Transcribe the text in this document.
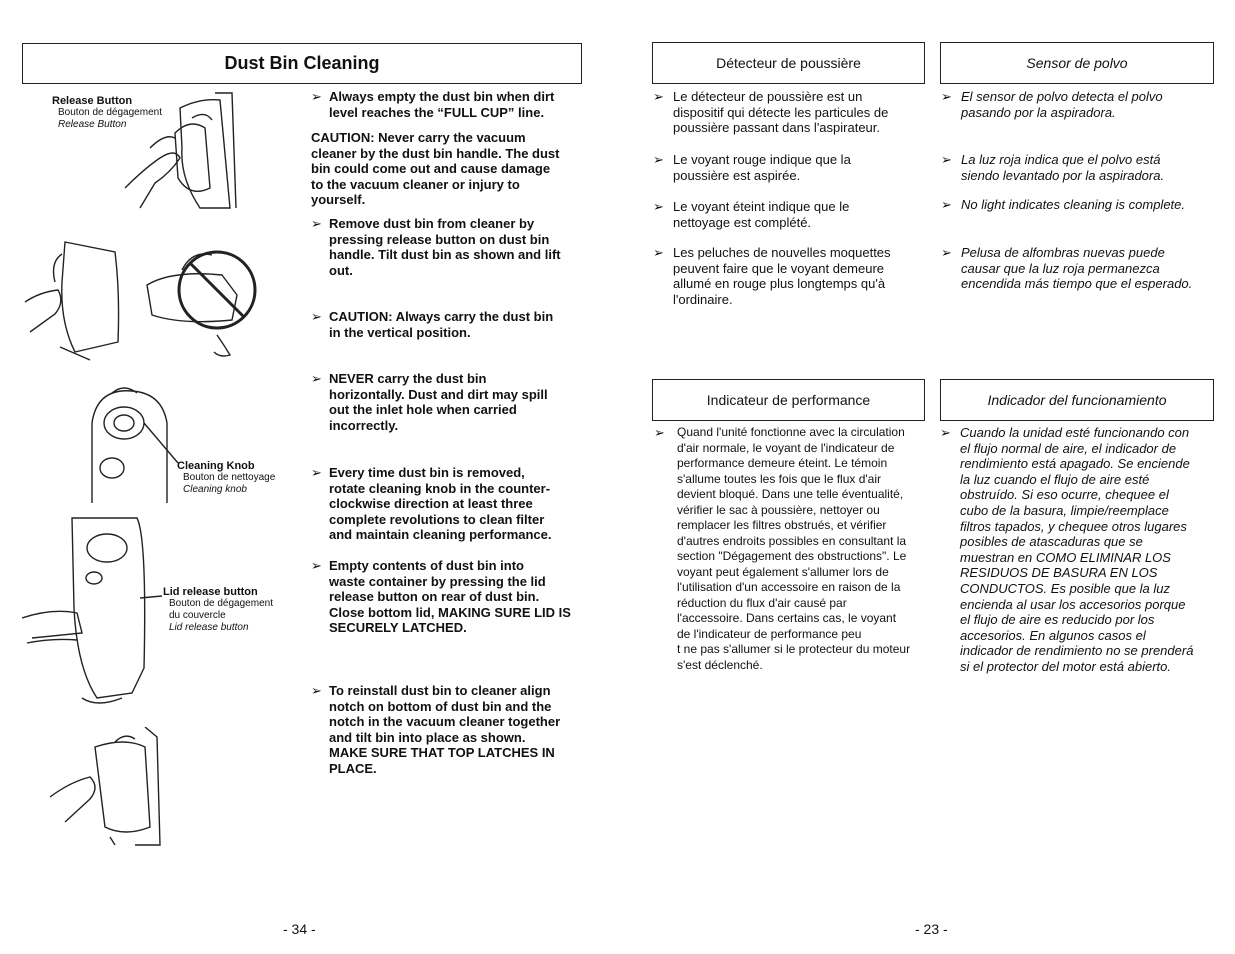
Dust Bin Cleaning
Release Button
Bouton de dégagement
Release Button
Cleaning Knob
Bouton de nettoyage
Cleaning knob
Lid release button
Bouton de dégagement
du couvercle
Lid release button
➢ Always empty the dust bin when dirt
level reaches the “FULL CUP” line.
CAUTION: Never carry the vacuum
cleaner by the dust bin handle. The dust
bin could come out and cause damage
to the vacuum cleaner or injury to
yourself.
➢ Remove dust bin from cleaner by
pressing release button on dust bin
handle. Tilt dust bin as shown and lift
out.
➢ CAUTION: Always carry the dust bin
in the vertical position.
➢ NEVER carry the dust bin
horizontally. Dust and dirt may spill
out the inlet hole when carried
incorrectly.
➢ Every time dust bin is removed,
rotate cleaning knob in the counter-
clockwise direction at least three
complete revolutions to clean filter
and maintain cleaning performance.
➢ Empty contents of dust bin into
waste container by pressing the lid
release button on rear of dust bin.
Close bottom lid, MAKING SURE LID IS
SECURELY LATCHED.
➢ To reinstall dust bin to cleaner align
notch on bottom of dust bin and the
notch in the vacuum cleaner together
and tilt bin into place as shown.
MAKE SURE THAT TOP LATCHES IN
PLACE.
- 34 -
Détecteur de poussière	Sensor de polvo
➢ Le détecteur de poussière est un
dispositif qui détecte les particules de
poussière passant dans l'aspirateur.
➢ Le voyant rouge indique que la
poussière est aspirée.
➢ Le voyant éteint indique que le
nettoyage est complété.
➢ Les peluches de nouvelles moquettes
peuvent faire que le voyant demeure
allumé en rouge plus longtemps qu'à
l'ordinaire.
➢ El sensor de polvo detecta el polvo
pasando por la aspiradora.
➢ La luz roja indica que el polvo está
siendo levantado por la aspiradora.
➢ No light indicates cleaning is complete.
➢ Pelusa de alfombras nuevas puede
causar que la luz roja permanezca
encendida más tiempo que el esperado.
Indicateur de performance	Indicador del funcionamiento
➢ Quand l'unité fonctionne avec la circulation
d'air normale, le voyant de l'indicateur de
performance demeure éteint. Le témoin
s'allume toutes les fois que le flux d'air
devient bloqué. Dans une telle éventualité,
vérifier le sac à poussière, nettoyer ou
remplacer les filtres obstrués, et vérifier
d'autres endroits possibles en consultant la
section "Dégagement des obstructions". Le
voyant peut également s'allumer lors de
l'utilisation d'un accessoire en raison de la
réduction du flux d'air causé par
l'accessoire. Dans certains cas, le voyant
de l'indicateur de performance peu
t ne pas s'allumer si le protecteur du moteur
s'est déclenché.
➢ Cuando la unidad esté funcionando con
el flujo normal de aire, el indicador de
rendimiento está apagado. Se enciende
la luz cuando el flujo de aire esté
obstruído. Si eso ocurre, chequee el
cubo de la basura, limpie/reemplace
filtros tapados, y chequee otros lugares
posibles de atascaduras que se
muestran en COMO ELIMINAR LOS
RESIDUOS DE BASURA EN LOS
CONDUCTOS. Es posible que la luz
encienda al usar los accesorios porque
el flujo de aire es reducido por los
accesorios. En algunos casos el
indicador de rendimiento no se prenderá
si el protector del motor está abierto.
- 23 -
